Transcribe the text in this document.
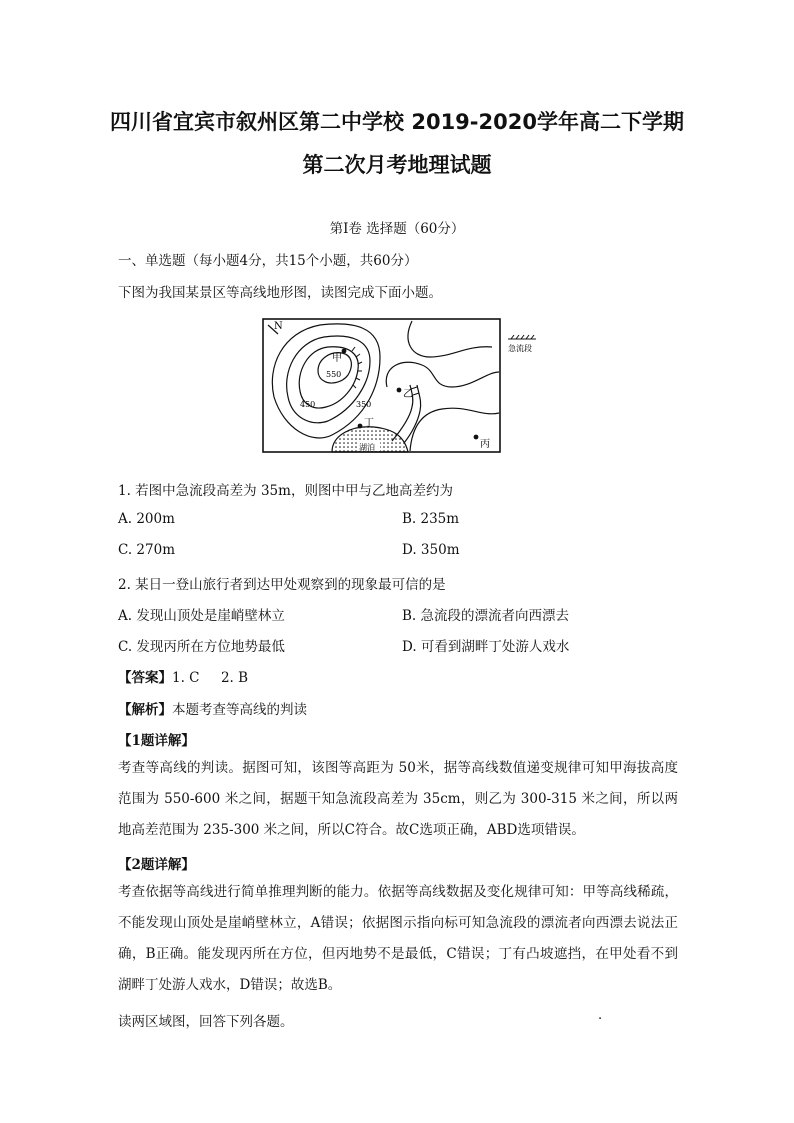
四川省宜宾市叙州区第二中学校 2019-2020学年高二下学期
第二次月考地理试题
第Ⅰ卷 选择题（60分）
一、单选题（每小题4分，共15个小题，共60分）
下图为我国某景区等高线地形图，读图完成下面小题。
N
湖泊
甲
乙
丁
丙
550
450	350
急流段
1. 若图中急流段高差为 35m，则图中甲与乙地高差约为
A. 200m	B. 235m
C. 270m	D. 350m
2. 某日一登山旅行者到达甲处观察到的现象最可信的是
A. 发现山顶处是崖峭壁林立	B. 急流段的漂流者向西漂去
C. 发现丙所在方位地势最低	D. 可看到湖畔丁处游人戏水
【答案】1. C     2. B
【解析】本题考查等高线的判读
【1题详解】
考查等高线的判读。据图可知，该图等高距为 50米，据等高线数值递变规律可知甲海拔高度范围为 550-600 米之间，据题干知急流段高差为 35cm，则乙为 300-315 米之间，所以两地高差范围为 235-300 米之间，所以C符合。故C选项正确，ABD选项错误。
【2题详解】
考查依据等高线进行简单推理判断的能力。依据等高线数据及变化规律可知：甲等高线稀疏，不能发现山顶处是崖峭壁林立，A错误；依据图示指向标可知急流段的漂流者向西漂去说法正确，B正确。能发现丙所在方位，但丙地势不是最低，C错误；丁有凸坡遮挡，在甲处看不到湖畔丁处游人戏水，D错误；故选B。
读两区域图，回答下列各题。	.
